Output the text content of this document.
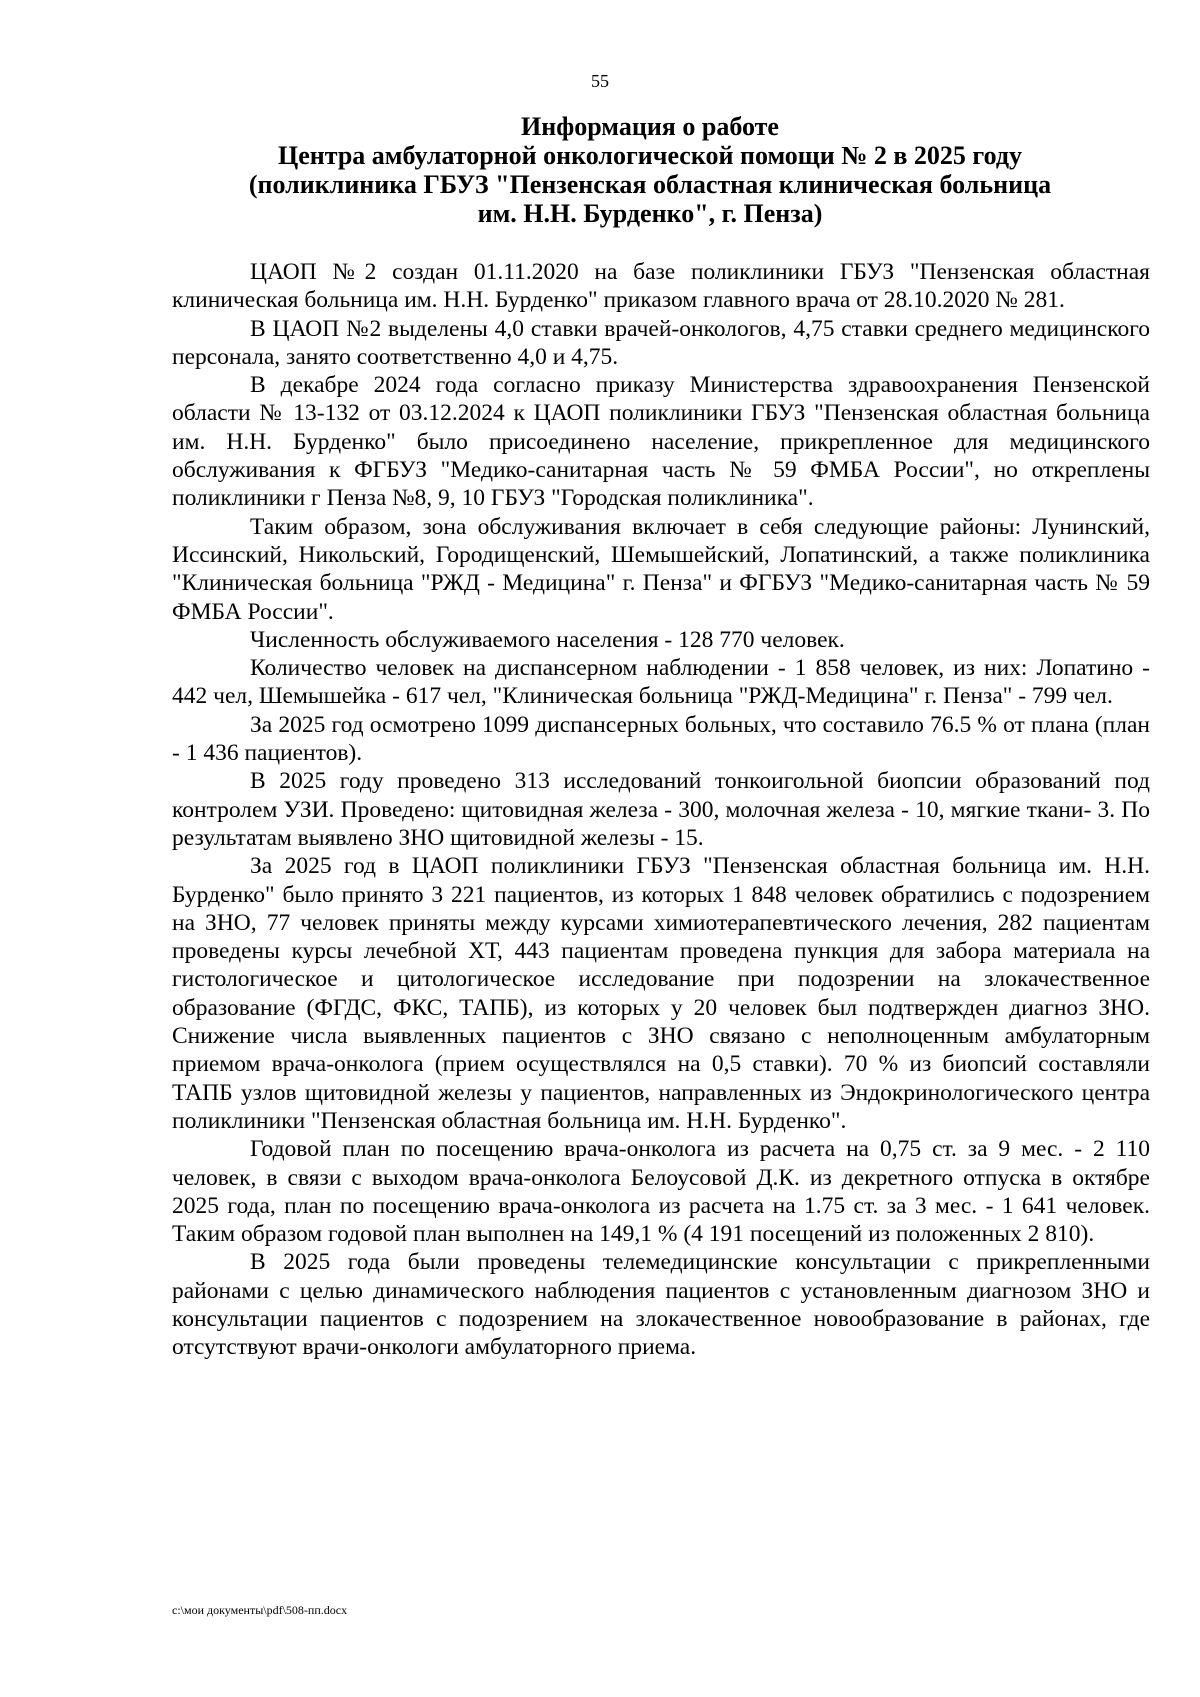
55
Информация о работе
Центра амбулаторной онкологической помощи № 2 в 2025 году
(поликлиника ГБУЗ "Пензенская областная клиническая больница
им. Н.Н. Бурденко", г. Пенза)

ЦАОП №2 создан 01.11.2020 на базе поликлиники ГБУЗ "Пензенская областная клиническая больница им. Н.Н. Бурденко" приказом главного врача от 28.10.2020 № 281.

В ЦАОП №2 выделены 4,0 ставки врачей-онкологов, 4,75 ставки среднего медицинского персонала, занято соответственно 4,0 и 4,75.

В декабре 2024 года согласно приказу Министерства здравоохранения Пензенской области № 13-132 от 03.12.2024 к ЦАОП поликлиники ГБУЗ "Пензенская областная больница им. Н.Н. Бурденко" было присоединено население, прикрепленное для медицинского обслуживания к ФГБУЗ "Медико-санитарная часть № 59 ФМБА России", но откреплены поликлиники г Пенза №8, 9, 10 ГБУЗ "Городская поликлиника".

Таким образом, зона обслуживания включает в себя следующие районы: Лунинский, Иссинский, Никольский, Городищенский, Шемышейский, Лопатинский, а также поликлиника "Клиническая больница "РЖД - Медицина" г. Пенза" и ФГБУЗ "Медико-санитарная часть № 59 ФМБА России".

Численность обслуживаемого населения - 128 770 человек.

Количество человек на диспансерном наблюдении - 1 858 человек, из них: Лопатино - 442 чел, Шемышейка - 617 чел, "Клиническая больница "РЖД-Медицина" г. Пенза" - 799 чел.

За 2025 год осмотрено 1099 диспансерных больных, что составило 76.5 % от плана (план - 1 436 пациентов).

В 2025 году проведено 313 исследований тонкоигольной биопсии образований под контролем УЗИ. Проведено: щитовидная железа - 300, молочная железа - 10, мягкие ткани- 3. По результатам выявлено ЗНО щитовидной железы - 15.

За 2025 год в ЦАОП поликлиники ГБУЗ "Пензенская областная больница им. Н.Н. Бурденко" было принято 3 221 пациентов, из которых 1 848 человек обратились с подозрением на ЗНО, 77 человек приняты между курсами химиотерапевтического лечения, 282 пациентам проведены курсы лечебной ХТ, 443 пациентам проведена пункция для забора материала на гистологическое и цитологическое исследование при подозрении на злокачественное образование (ФГДС, ФКС, ТАПБ), из которых у 20 человек был подтвержден диагноз ЗНО. Снижение числа выявленных пациентов с ЗНО связано с неполноценным амбулаторным приемом врача-онколога (прием осуществлялся на 0,5 ставки). 70 % из биопсий составляли ТАПБ узлов щитовидной железы у пациентов, направленных из Эндокринологического центра поликлиники "Пензенская областная больница им. Н.Н. Бурденко".

Годовой план по посещению врача-онколога из расчета на 0,75 ст. за 9 мес. - 2 110 человек, в связи с выходом врача-онколога Белоусовой Д.К. из декретного отпуска в октябре 2025 года, план по посещению врача-онколога из расчета на 1.75 ст. за 3 мес. - 1 641 человек. Таким образом годовой план выполнен на 149,1 % (4 191 посещений из положенных 2 810).

В 2025 года были проведены телемедицинские консультации с прикрепленными районами с целью динамического наблюдения пациентов с установленным диагнозом ЗНО и консультации пациентов с подозрением на злокачественное новообразование в районах, где отсутствуют врачи-онкологи амбулаторного приема.

c:\мои документы\pdf\508-пп.docx
